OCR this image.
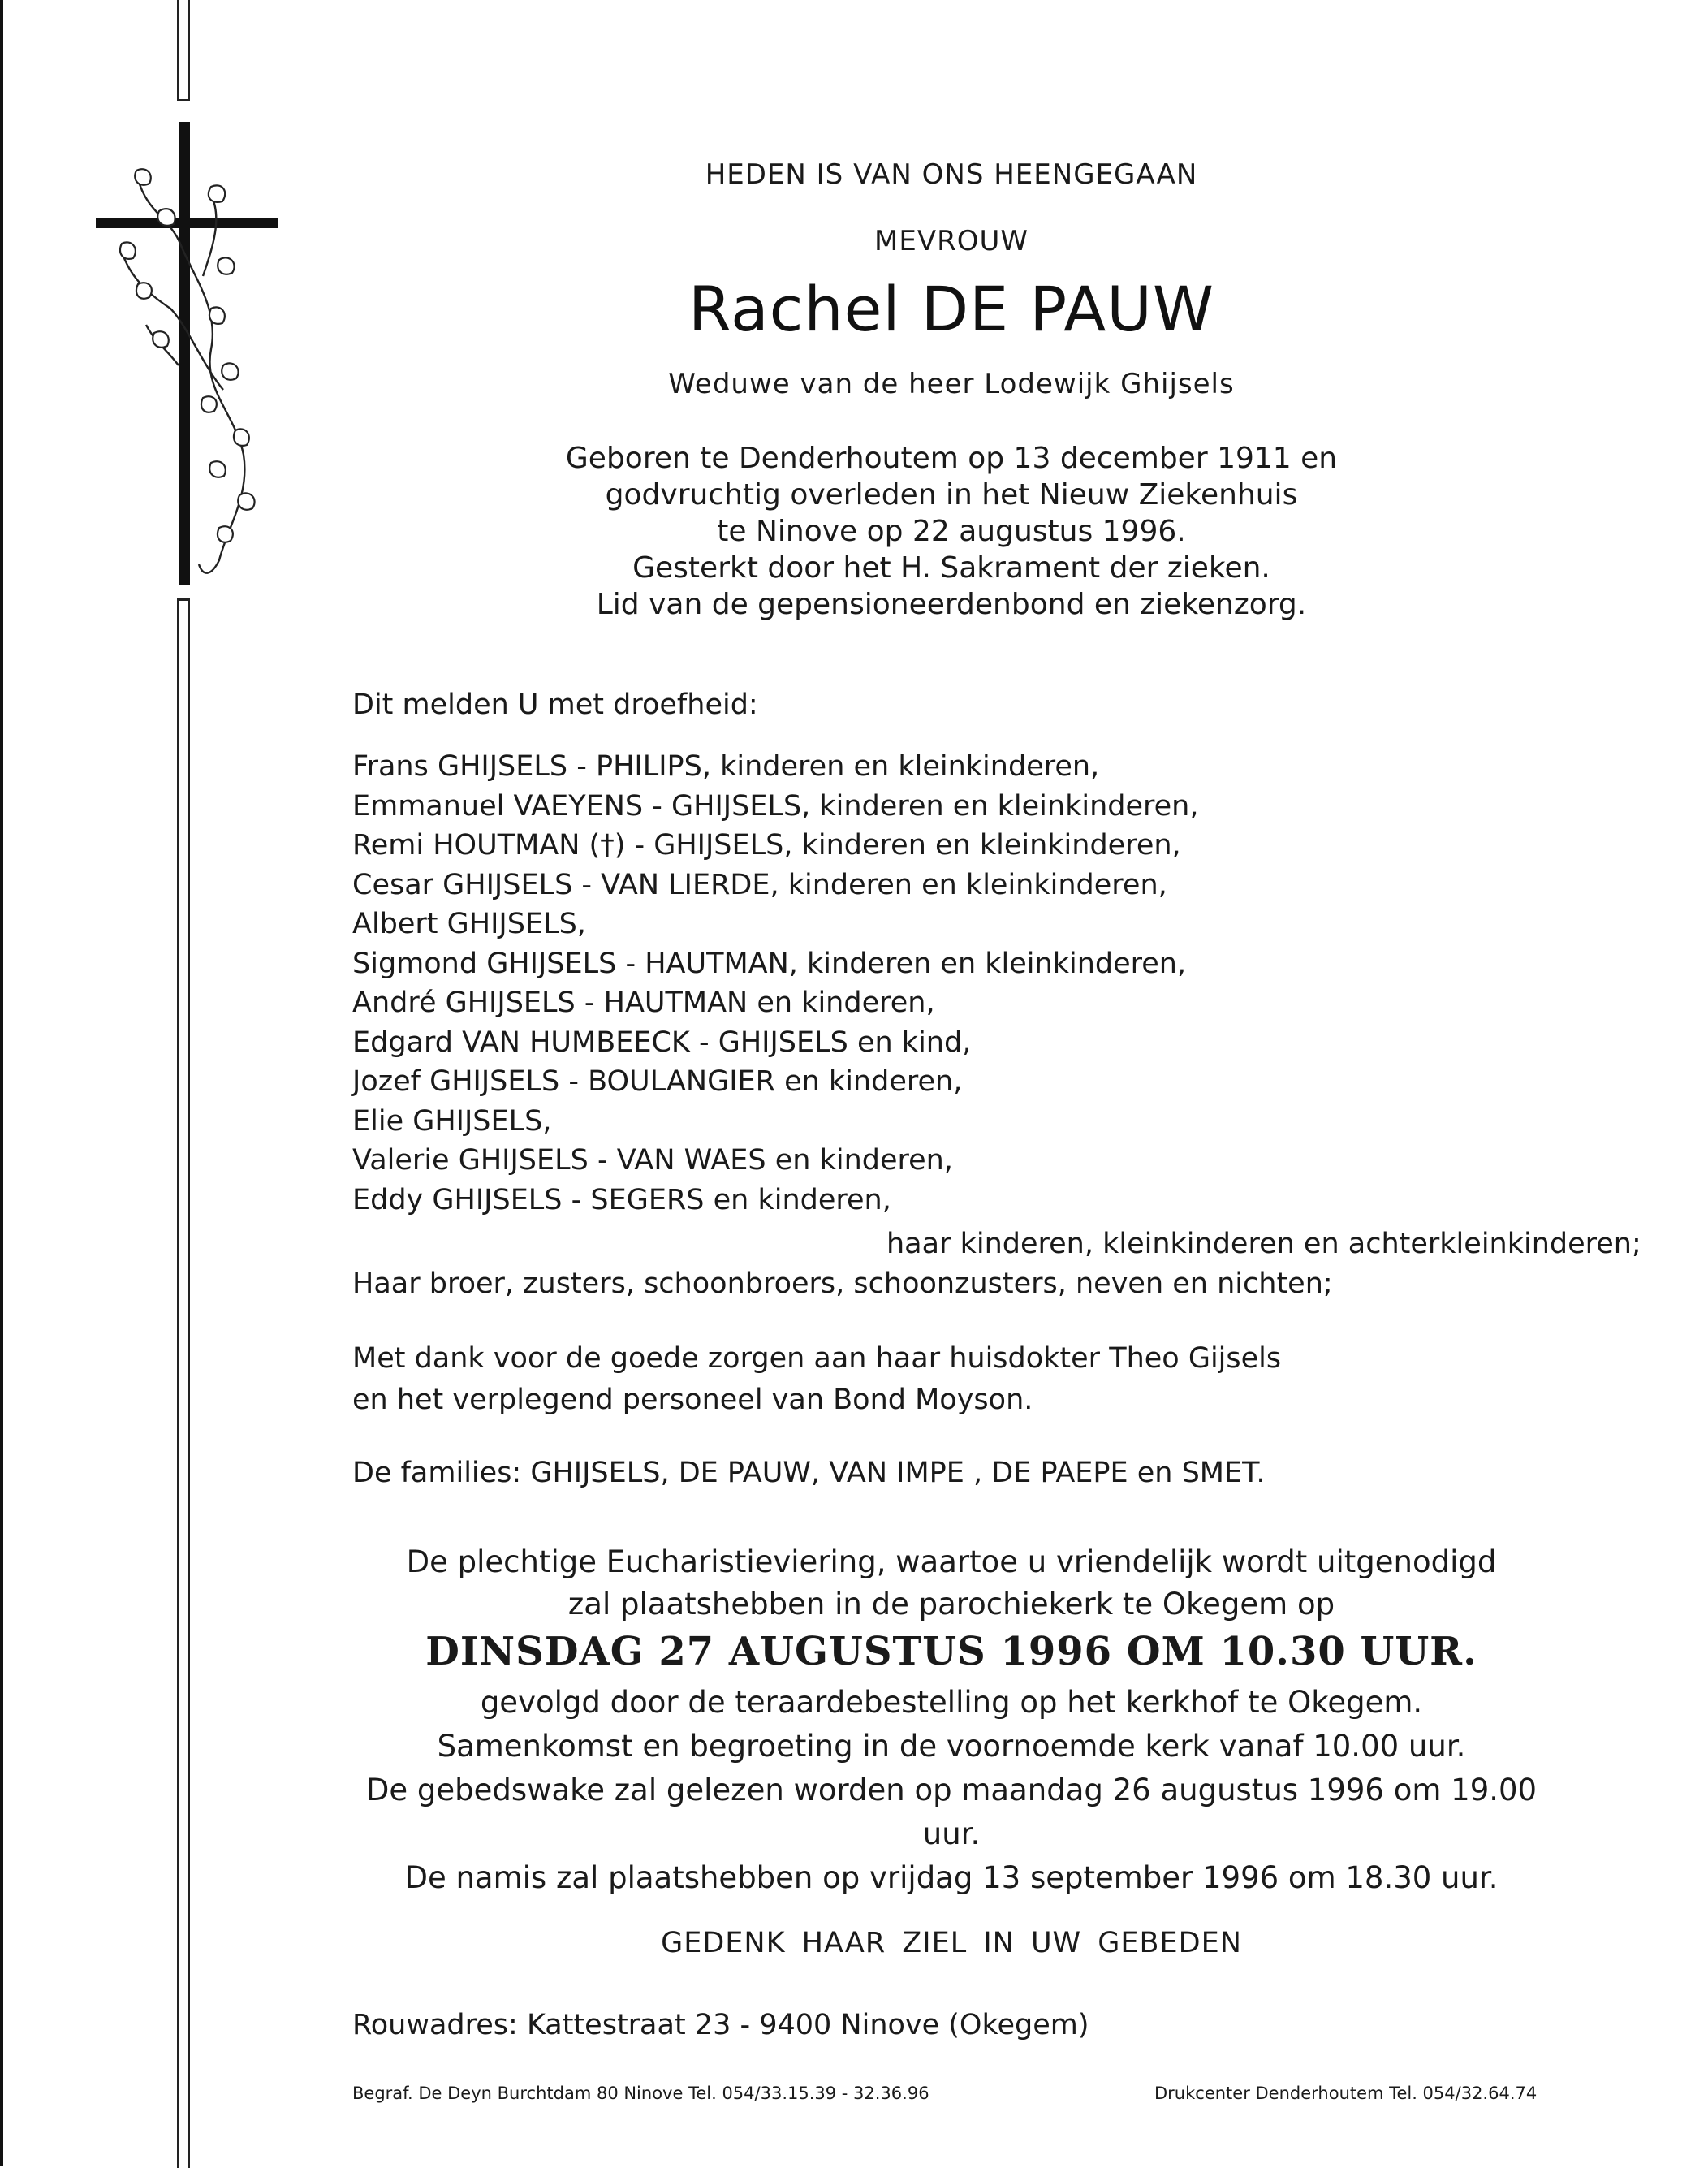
HEDEN IS VAN ONS HEENGEGAAN
MEVROUW
Rachel DE PAUW
Weduwe van de heer Lodewijk Ghijsels
Geboren te Denderhoutem op 13 december 1911 en
godvruchtig overleden in het Nieuw Ziekenhuis
te Ninove op 22 augustus 1996.
Gesterkt door het H. Sakrament der zieken.
Lid van de gepensioneerdenbond en ziekenzorg.
Dit melden U met droefheid:
Frans GHIJSELS - PHILIPS, kinderen en kleinkinderen,
Emmanuel VAEYENS - GHIJSELS, kinderen en kleinkinderen,
Remi HOUTMAN (†) - GHIJSELS, kinderen en kleinkinderen,
Cesar GHIJSELS - VAN LIERDE, kinderen en kleinkinderen,
Albert GHIJSELS,
Sigmond GHIJSELS - HAUTMAN, kinderen en kleinkinderen,
André GHIJSELS - HAUTMAN en kinderen,
Edgard VAN HUMBEECK - GHIJSELS en kind,
Jozef GHIJSELS - BOULANGIER en kinderen,
Elie GHIJSELS,
Valerie GHIJSELS - VAN WAES en kinderen,
Eddy GHIJSELS - SEGERS en kinderen,
haar kinderen, kleinkinderen en achterkleinkinderen;
Haar broer, zusters, schoonbroers, schoonzusters, neven en nichten;
Met dank voor de goede zorgen aan haar huisdokter Theo Gijsels
en het verplegend personeel van Bond Moyson.
De families: GHIJSELS, DE PAUW, VAN IMPE , DE PAEPE en SMET.
De plechtige Eucharistieviering, waartoe u vriendelijk wordt uitgenodigd
zal plaatshebben in de parochiekerk te Okegem op
DINSDAG 27 AUGUSTUS 1996 OM 10.30 UUR.
gevolgd door de teraardebestelling op het kerkhof te Okegem.
Samenkomst en begroeting in de voornoemde kerk vanaf 10.00 uur.
De gebedswake zal gelezen worden op maandag 26 augustus 1996 om 19.00 uur.
De namis zal plaatshebben op vrijdag 13 september 1996 om 18.30 uur.
GEDENK HAAR ZIEL IN UW GEBEDEN
Rouwadres: Kattestraat 23 - 9400 Ninove (Okegem)
Begraf. De Deyn Burchtdam 80 Ninove Tel. 054/33.15.39 - 32.36.96	Drukcenter Denderhoutem Tel. 054/32.64.74
